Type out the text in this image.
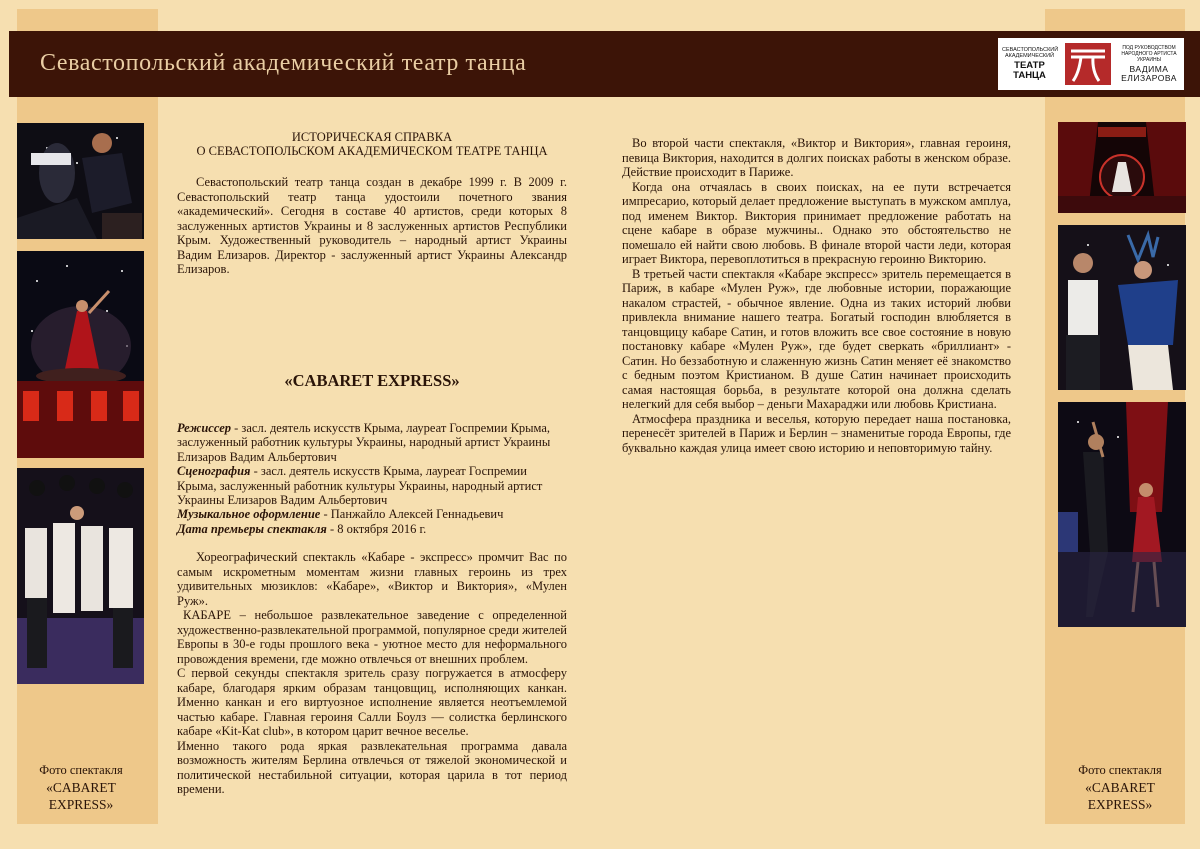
Севастопольский академический театр танца	СЕВАСТОПОЛЬСКИЙ
АКАДЕМИЧЕСКИЙ
ТЕАТР
ТАНЦА
ПОД РУКОВОДСТВОМ
НАРОДНОГО АРТИСТА УКРАИНЫ
ВАДИМА
ЕЛИЗАРОВА
Фото спектакля
«CABARET
EXPRESS»
Фото спектакля
«CABARET
EXPRESS»
ИСТОРИЧЕСКАЯ СПРАВКА
О СЕВАСТОПОЛЬСКОМ АКАДЕМИЧЕСКОМ ТЕАТРЕ ТАНЦА
Севастопольский театр танца создан в декабре 1999 г. В 2009 г. Севастопольский театр танца удостоили почетного звания «академический». Сегодня в составе 40 артистов, среди которых 8 заслуженных артистов Украины и 8 заслуженных артистов Республики Крым. Художественный руководитель – народный артист Украины Вадим Елизаров. Директор - заслуженный артист Украины Александр Елизаров.
«CABARET EXPRESS»
Режиссер - засл. деятель искусств Крыма, лауреат Госпремии Крыма, заслуженный работник культуры Украины, народный артист Украины Елизаров Вадим Альбертович
Сценография - засл. деятель искусств Крыма, лауреат Госпремии Крыма, заслуженный работник культуры Украины, народный артист Украины Елизаров Вадим Альбертович
Музыкальное оформление - Панжайло Алексей Геннадьевич
Дата премьеры спектакля - 8 октября 2016 г.

Хореографический спектакль «Кабаре - экспресс» промчит Вас по самым искрометным моментам жизни главных героинь из трех удивительных мюзиклов: «Кабаре», «Виктор и Виктория», «Мулен Руж».

КАБАРЕ – небольшое развлекательное заведение с определенной художественно-развлекательной программой, популярное среди жителей Европы в 30-е годы прошлого века - уютное место для неформального провождения времени, где можно отвлечься от внешних проблем.

С первой секунды спектакля зритель сразу погружается в атмосферу кабаре, благодаря ярким образам танцовщиц, исполняющих канкан. Именно канкан и его виртуозное исполнение является неотъемлемой частью кабаре. Главная героиня Салли Боулз — солистка берлинского кабаре «Kit-Kat club», в котором царит вечное веселье.

Именно такого рода яркая развлекательная программа давала возможность жителям Берлина отвлечься от тяжелой экономической и политической нестабильной ситуации, которая царила в тот период времени.

Во второй части спектакля, «Виктор и Виктория», главная героиня, певица Виктория, находится в долгих поисках работы в женском образе. Действие происходит в Париже.

Когда она отчаялась в своих поисках, на ее пути встречается импресарио, который делает предложение выступать в мужском амплуа, под именем Виктор. Виктория принимает предложение работать на сцене кабаре в образе мужчины.. Однако это обстоятельство не помешало ей найти свою любовь. В финале второй части леди, которая играет Виктора, перевоплотиться в прекрасную героиню Викторию.

В третьей части спектакля «Кабаре экспресс» зритель перемещается в Париж, в кабаре «Мулен Руж», где любовные истории, поражающие накалом страстей, - обычное явление. Одна из таких историй любви привлекла внимание нашего театра. Богатый господин влюбляется в танцовщицу кабаре Сатин, и готов вложить все свое состояние в новую постановку кабаре «Мулен Руж», где будет сверкать «бриллиант» - Сатин. Но беззаботную и слаженную жизнь Сатин меняет её знакомство с бедным поэтом Кристианом. В душе Сатин начинает происходить самая настоящая борьба, в результате которой она должна сделать нелегкий для себя выбор – деньги Махараджи или любовь Кристиана.

Атмосфера праздника и веселья, которую передает наша постановка, перенесёт зрителей в Париж и Берлин – знаменитые города Европы, где буквально каждая улица имеет свою историю и неповторимую тайну.
